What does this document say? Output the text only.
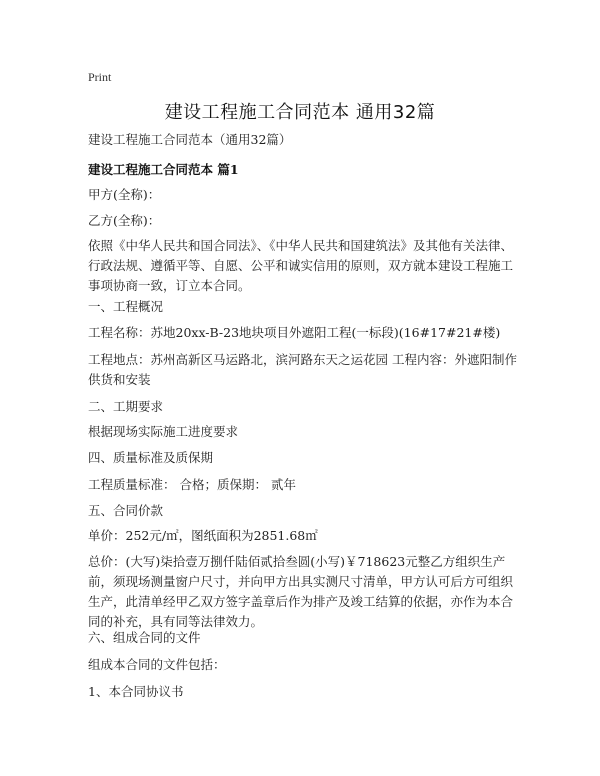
Print
建设工程施工合同范本 通用32篇
建设工程施工合同范本（通用32篇）
建设工程施工合同范本 篇1
甲方(全称)：
乙方(全称)：
依照《中华人民共和国合同法》、《中华人民共和国建筑法》及其他有关法律、行政法规、遵循平等、自愿、公平和诚实信用的原则，双方就本建设工程施工事项协商一致，订立本合同。
一、工程概况
工程名称：苏地20xx-B-23地块项目外遮阳工程(一标段)(16#17#21#楼)
工程地点：苏州高新区马运路北，滨河路东天之运花园 工程内容：外遮阳制作供货和安装
二、工期要求
根据现场实际施工进度要求
四、质量标准及质保期
工程质量标准： 合格；质保期： 贰年
五、合同价款
单价：252元/㎡，图纸面积为2851.68㎡
总价：(大写)柒拾壹万捌仟陆佰贰拾叁圆(小写)￥718623元整乙方组织生产前，须现场测量窗户尺寸，并向甲方出具实测尺寸清单，甲方认可后方可组织生产，此清单经甲乙双方签字盖章后作为排产及竣工结算的依据，亦作为本合同的补充，具有同等法律效力。
六、组成合同的文件
组成本合同的文件包括：
1、本合同协议书
